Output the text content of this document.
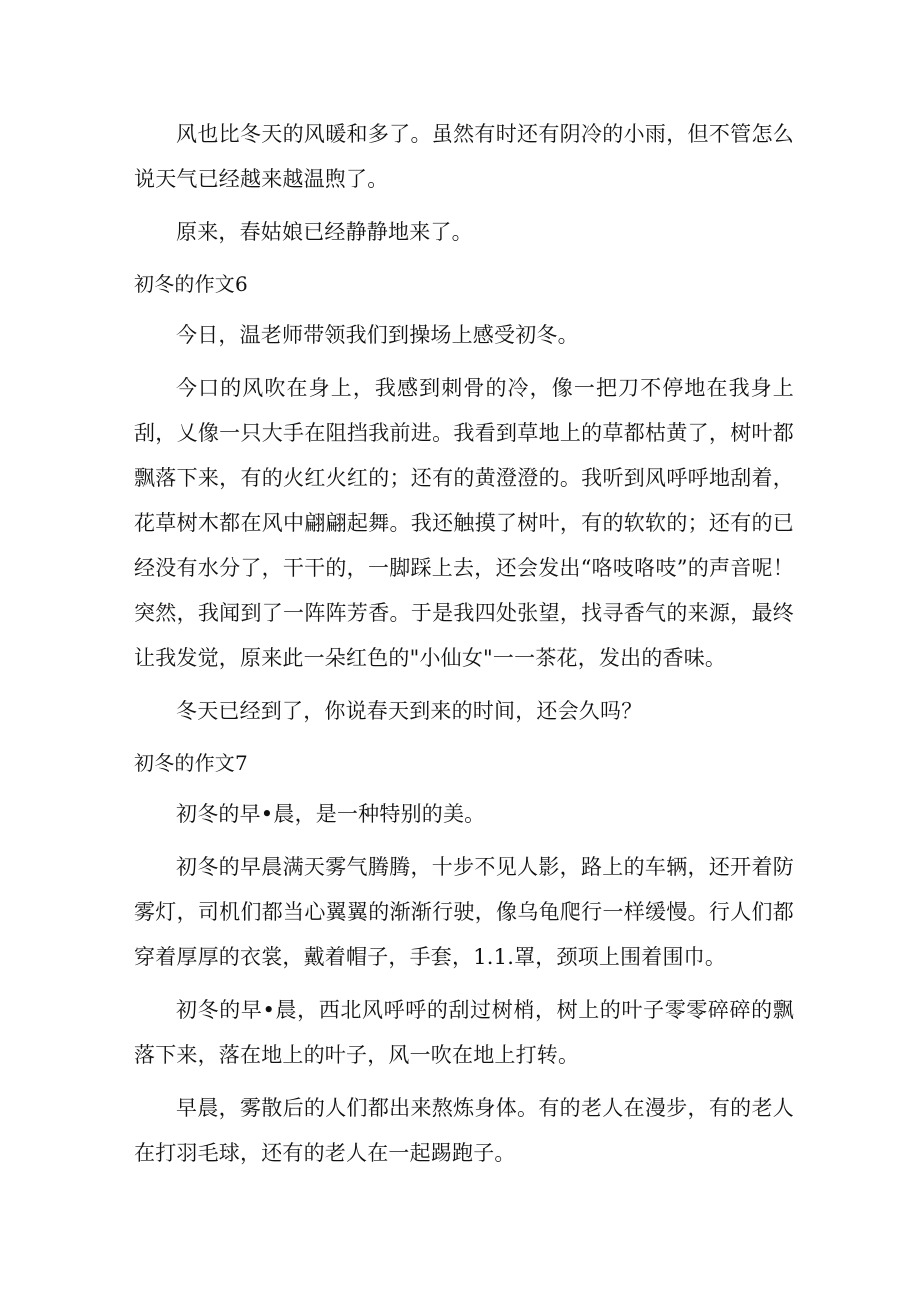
风也比冬天的风暖和多了。虽然有时还有阴冷的小雨，但不管怎么说天气已经越来越温煦了。

原来，春姑娘已经静静地来了。

初冬的作文6

今日，温老师带领我们到操场上感受初冬。

今口的风吹在身上，我感到刺骨的冷，像一把刀不停地在我身上刮，乂像一只大手在阻挡我前进。我看到草地上的草都枯黄了，树叶都飘落下来，有的火红火红的；还有的黄澄澄的。我听到风呼呼地刮着，花草树木都在风中翩翩起舞。我还触摸了树叶，有的软软的；还有的已经没有水分了，干干的，一脚踩上去，还会发出“咯吱咯吱”的声音呢！突然，我闻到了一阵阵芳香。于是我四处张望，找寻香气的来源，最终让我发觉，原来此一朵红色的"小仙女"一一茶花，发出的香味。

冬天已经到了，你说春天到来的时间，还会久吗？

初冬的作文7

初冬的早•晨，是一种特别的美。

初冬的早晨满天雾气腾腾，十步不见人影，路上的车辆，还开着防雾灯，司机们都当心翼翼的渐渐行驶，像乌龟爬行一样缓慢。行人们都穿着厚厚的衣裳，戴着帽子，手套，1.1.罩，颈项上围着围巾。

初冬的早•晨，西北风呼呼的刮过树梢，树上的叶子零零碎碎的飘落下来，落在地上的叶子，风一吹在地上打转。

早晨，雾散后的人们都出来熬炼身体。有的老人在漫步，有的老人在打羽毛球，还有的老人在一起踢跑子。
